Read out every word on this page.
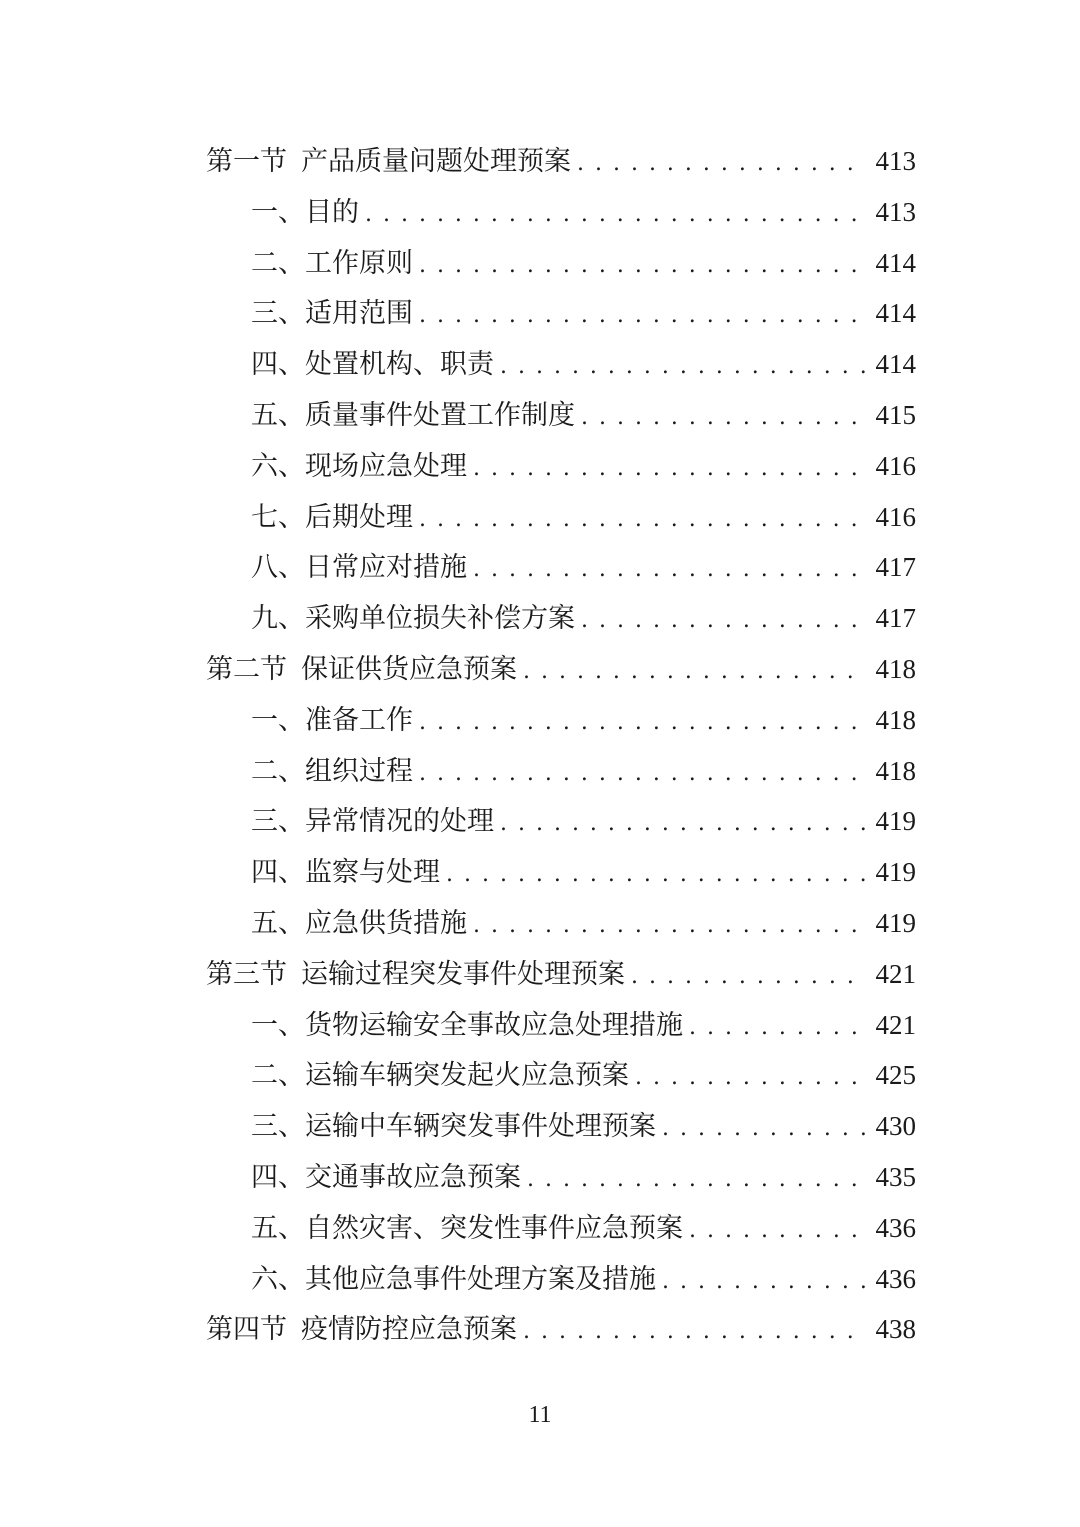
第一节 产品质量问题处理预案 . . .	413
一、目的 . . .	413
二、工作原则 . . .	414
三、适用范围 . . .	414
四、处置机构、职责 . . .	414
五、质量事件处置工作制度 . . .	415
六、现场应急处理 . . .	416
七、后期处理 . . .	416
八、日常应对措施 . . .	417
九、采购单位损失补偿方案 . . .	417
第二节 保证供货应急预案 . . .	418
一、准备工作 . . .	418
二、组织过程 . . .	418
三、异常情况的处理 . . .	419
四、监察与处理 . . .	419
五、应急供货措施 . . .	419
第三节 运输过程突发事件处理预案 . . .	421
一、货物运输安全事故应急处理措施 . . .	421
二、运输车辆突发起火应急预案 . . .	425
三、运输中车辆突发事件处理预案 . . .	430
四、交通事故应急预案 . . .	435
五、自然灾害、突发性事件应急预案 . . .	436
六、其他应急事件处理方案及措施 . . .	436
第四节 疫情防控应急预案 . . .	438
11
